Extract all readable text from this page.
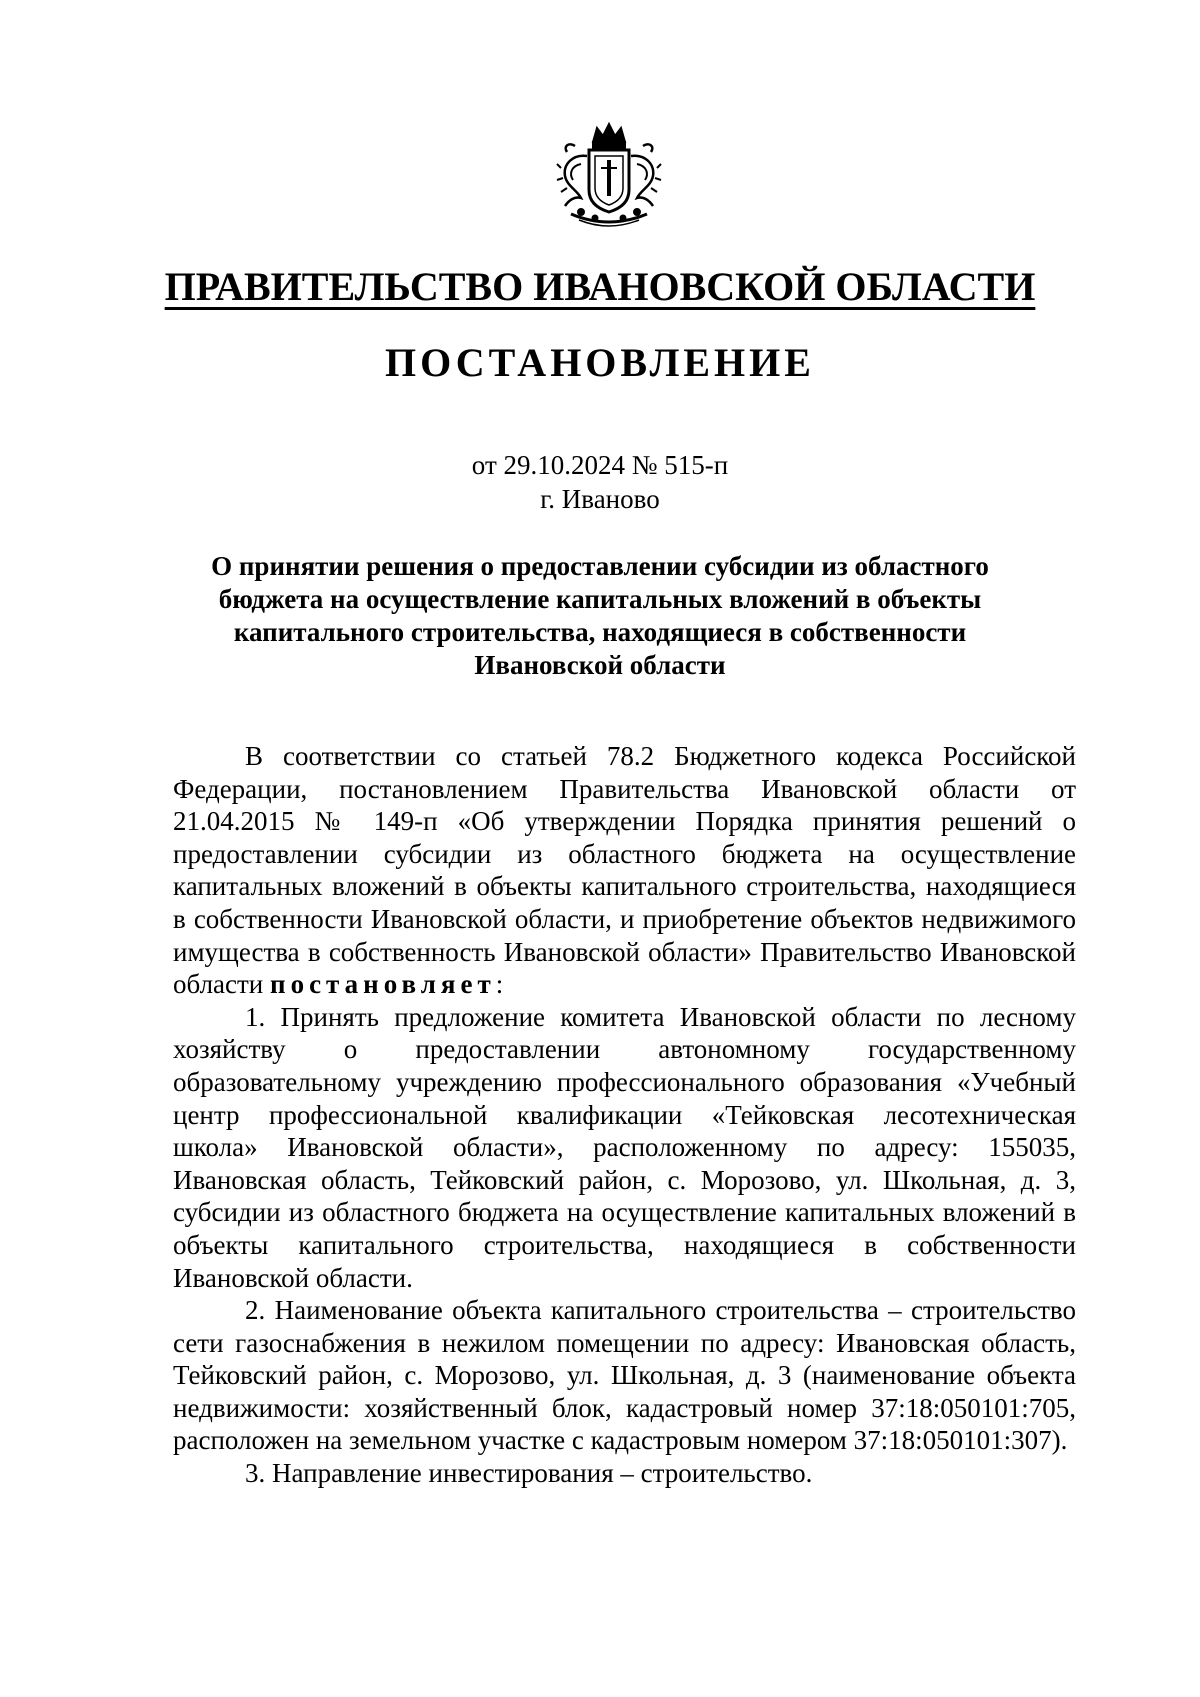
ПРАВИТЕЛЬСТВО ИВАНОВСКОЙ ОБЛАСТИ
ПОСТАНОВЛЕНИЕ
от 29.10.2024 № 515-п
г. Иваново
О принятии решения о предоставлении субсидии из областного бюджета на осуществление капитальных вложений в объекты капитального строительства, находящиеся в собственности Ивановской области

В соответствии со статьей 78.2 Бюджетного кодекса Российской Федерации, постановлением Правительства Ивановской области от 21.04.2015 № 149-п «Об утверждении Порядка принятия решений о предоставлении субсидии из областного бюджета на осуществление капитальных вложений в объекты капитального строительства, находящиеся в собственности Ивановской области, и приобретение объектов недвижимого имущества в собственность Ивановской области» Правительство Ивановской области постановляет:

1. Принять предложение комитета Ивановской области по лесному хозяйству о предоставлении автономному государственному образовательному учреждению профессионального образования «Учебный центр профессиональной квалификации «Тейковская лесотехническая школа» Ивановской области», расположенному по адресу: 155035, Ивановская область, Тейковский район, с. Морозово, ул. Школьная, д. 3, субсидии из областного бюджета на осуществление капитальных вложений в объекты капитального строительства, находящиеся в собственности Ивановской области.

2. Наименование объекта капитального строительства – строительство сети газоснабжения в нежилом помещении по адресу: Ивановская область, Тейковский район, с. Морозово, ул. Школьная, д. 3 (наименование объекта недвижимости: хозяйственный блок, кадастровый номер 37:18:050101:705, расположен на земельном участке с кадастровым номером 37:18:050101:307).

3. Направление инвестирования – строительство.
